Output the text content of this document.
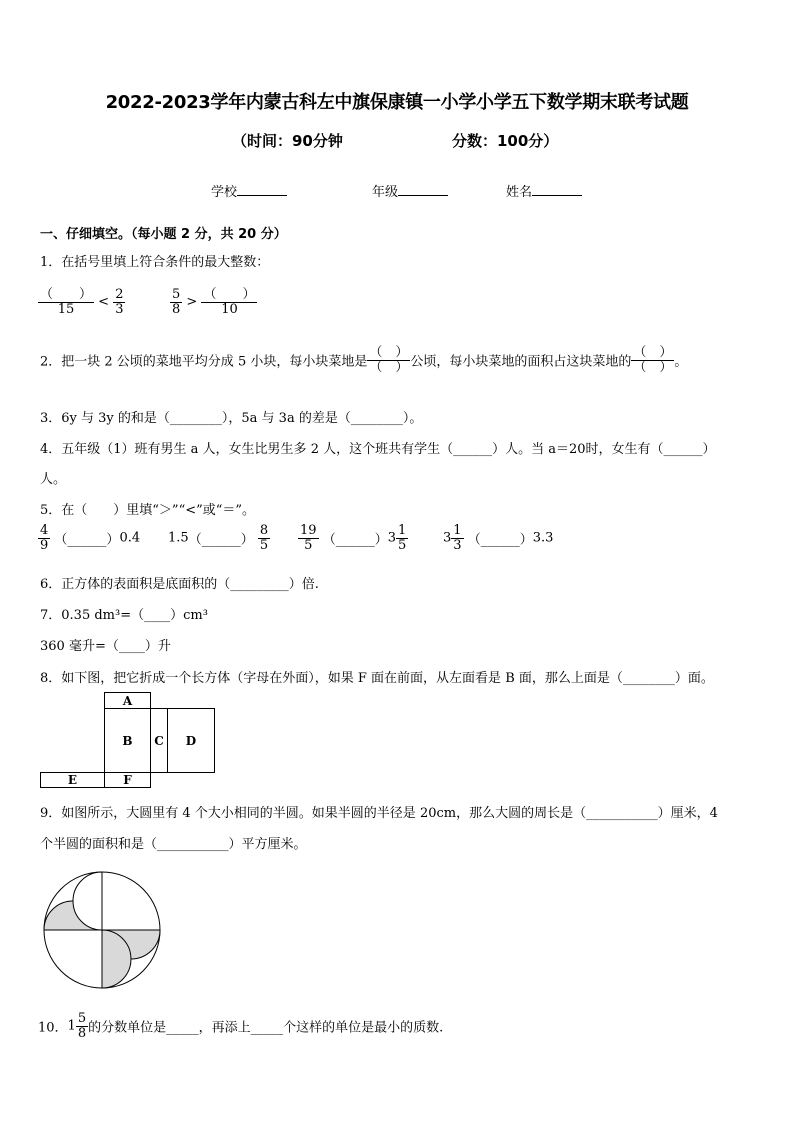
2022-2023学年内蒙古科左中旗保康镇一小学小学五下数学期末联考试题
（时间：90分钟	分数：100分）
学校	年级	姓名
一、仔细填空。（每小题 2 分，共 20 分）
1．在括号里填上符合条件的最大整数：
$\frac{( )}{15} < \frac{2}{3}$	$\frac{5}{8} > \frac{( )}{10}$
2．把一块 2 公顷的菜地平均分成 5 小块，每小块菜地是 $\frac{( )}{( )}$ 公顷，每小块菜地的面积占这块菜地的 $\frac{( )}{( )}$ 。
3．6y 与 3y 的和是（________），5a 与 3a 的差是（________）。
4．五年级（1）班有男生 a 人，女生比男生多 2 人，这个班共有学生（______）人。当 a＝20时，女生有（______）
人。
5．在（　　）里填“＞”“<”或“＝”。
$\frac{4}{9}$ （______）0.4 1.5（______） $\frac{8}{5} \frac{19}{5}$ （______）3 $\frac{1}{5}$	$3 \frac{1}{3}$ （______）3.3
6．正方体的表面积是底面积的（_________）倍.
7．0.35 dm³=（____）cm³
360 毫升=（____）升
8．如下图，把它折成一个长方体（字母在外面），如果 F 面在前面，从左面看是 B 面，那么上面是（________）面。
A
B	C	D
E	F
9．如图所示，大圆里有 4 个大小相同的半圆。如果半圆的半径是 20cm，那么大圆的周长是（___________）厘米，4
个半圆的面积和是（___________）平方厘米。
10．$1 \frac{5}{8}$ 的分数单位是_____，再添上_____个这样的单位是最小的质数.
